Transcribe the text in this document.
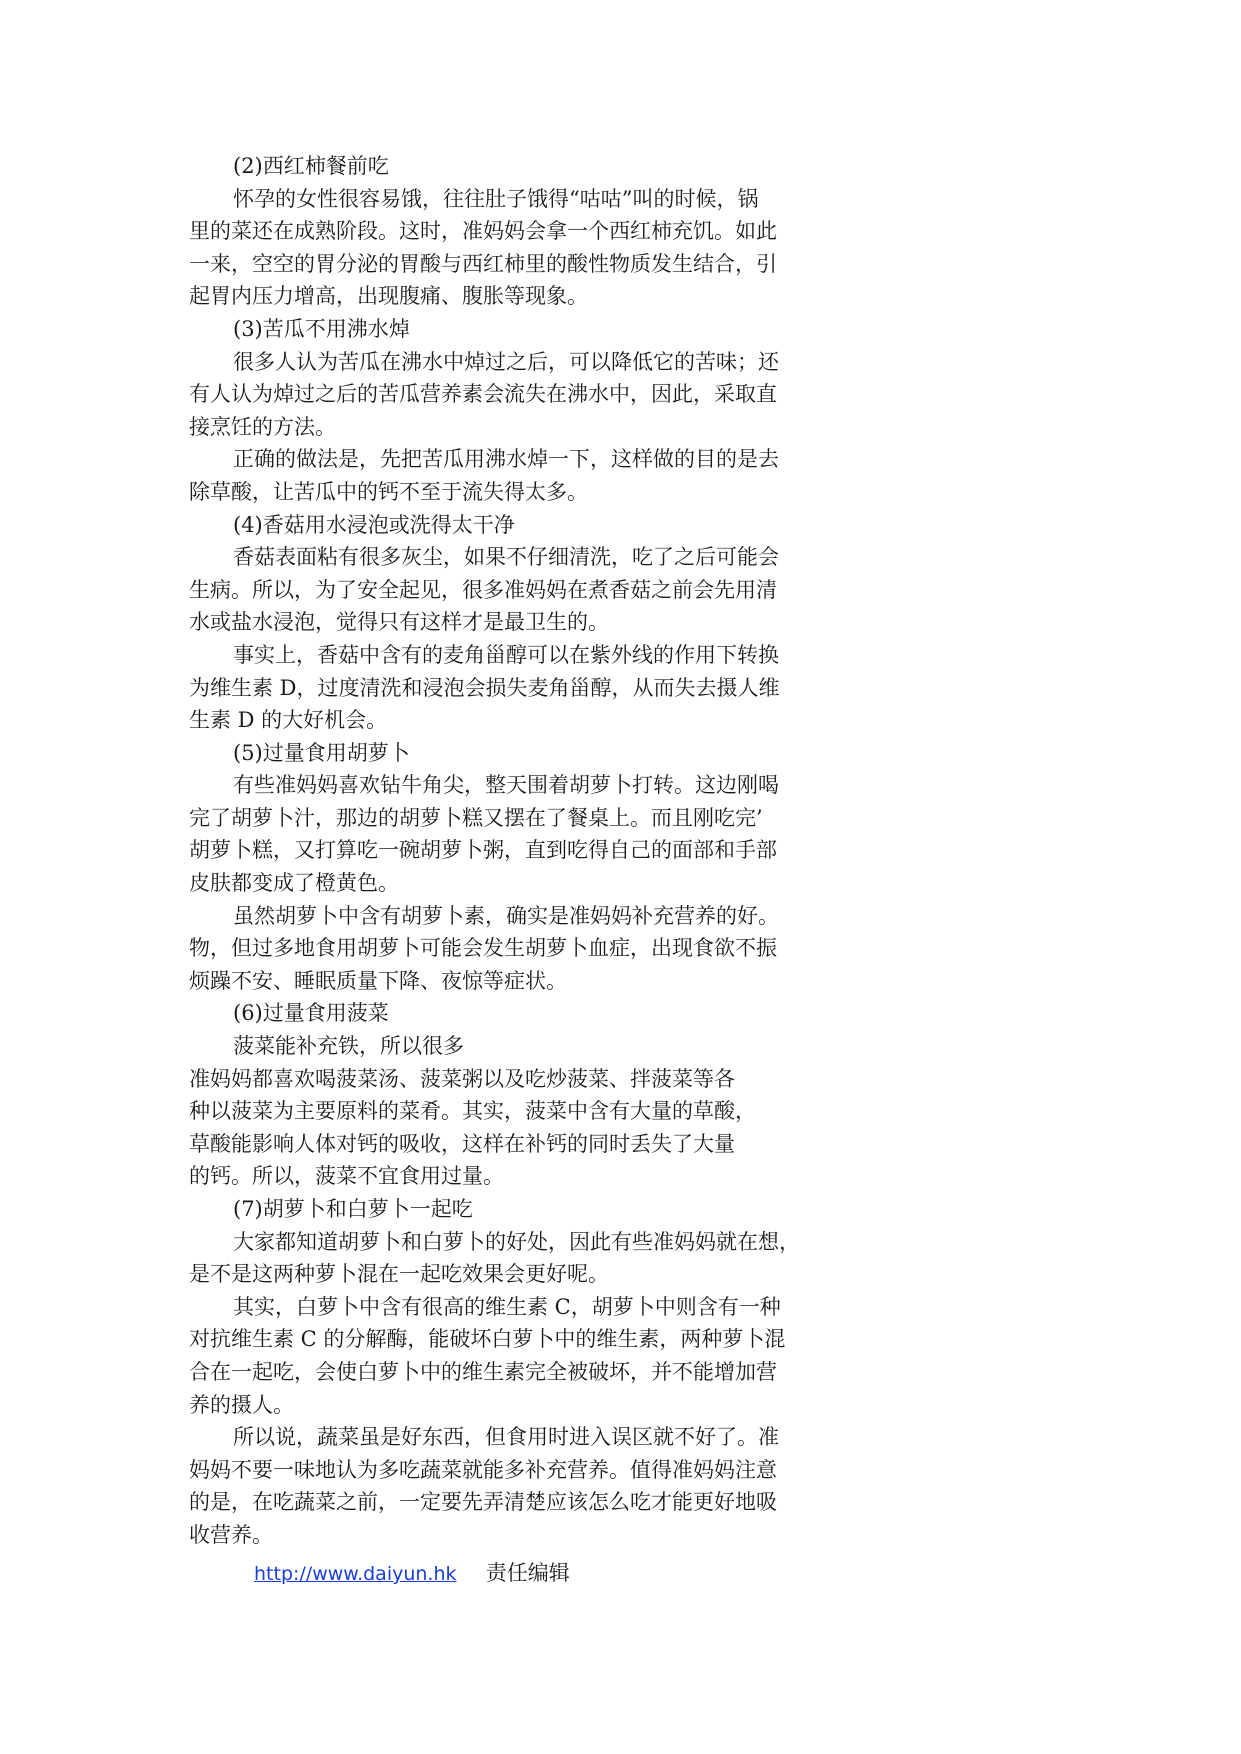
(2)西红柿餐前吃
怀孕的女性很容易饿，往往肚子饿得“咕咕”叫的时候，锅
里的菜还在成熟阶段。这时，准妈妈会拿一个西红柿充饥。如此
一来，空空的胃分泌的胃酸与西红柿里的酸性物质发生结合，引
起胃内压力增高，出现腹痛、腹胀等现象。
(3)苦瓜不用沸水焯
很多人认为苦瓜在沸水中焯过之后，可以降低它的苦味；还
有人认为焯过之后的苦瓜营养素会流失在沸水中，因此，采取直
接烹饪的方法。
正确的做法是，先把苦瓜用沸水焯一下，这样做的目的是去
除草酸，让苦瓜中的钙不至于流失得太多。
(4)香菇用水浸泡或洗得太干净
香菇表面粘有很多灰尘，如果不仔细清洗，吃了之后可能会
生病。所以，为了安全起见，很多准妈妈在煮香菇之前会先用清
水或盐水浸泡，觉得只有这样才是最卫生的。
事实上，香菇中含有的麦角甾醇可以在紫外线的作用下转换
为维生素 D，过度清洗和浸泡会损失麦角甾醇，从而失去摄人维
生素 D 的大好机会。
(5)过量食用胡萝卜
有些准妈妈喜欢钻牛角尖，整天围着胡萝卜打转。这边刚喝
完了胡萝卜汁，那边的胡萝卜糕又摆在了餐桌上。而且刚吃完’
胡萝卜糕，又打算吃一碗胡萝卜粥，直到吃得自己的面部和手部
皮肤都变成了橙黄色。
虽然胡萝卜中含有胡萝卜素，确实是准妈妈补充营养的好。
物，但过多地食用胡萝卜可能会发生胡萝卜血症，出现食欲不振
烦躁不安、睡眠质量下降、夜惊等症状。
(6)过量食用菠菜
菠菜能补充铁，所以很多
准妈妈都喜欢喝菠菜汤、菠菜粥以及吃炒菠菜、拌菠菜等各
种以菠菜为主要原料的菜肴。其实，菠菜中含有大量的草酸，
草酸能影响人体对钙的吸收，这样在补钙的同时丢失了大量
的钙。所以，菠菜不宜食用过量。
(7)胡萝卜和白萝卜一起吃
大家都知道胡萝卜和白萝卜的好处，因此有些准妈妈就在想，
是不是这两种萝卜混在一起吃效果会更好呢。
其实，白萝卜中含有很高的维生素 C，胡萝卜中则含有一种
对抗维生素 C 的分解酶，能破坏白萝卜中的维生素，两种萝卜混
合在一起吃，会使白萝卜中的维生素完全被破坏，并不能增加营
养的摄人。
所以说，蔬菜虽是好东西，但食用时进入误区就不好了。准
妈妈不要一味地认为多吃蔬菜就能多补充营养。值得准妈妈注意
的是，在吃蔬菜之前，一定要先弄清楚应该怎么吃才能更好地吸
收营养。
http://www.daiyun.hk 责任编辑
